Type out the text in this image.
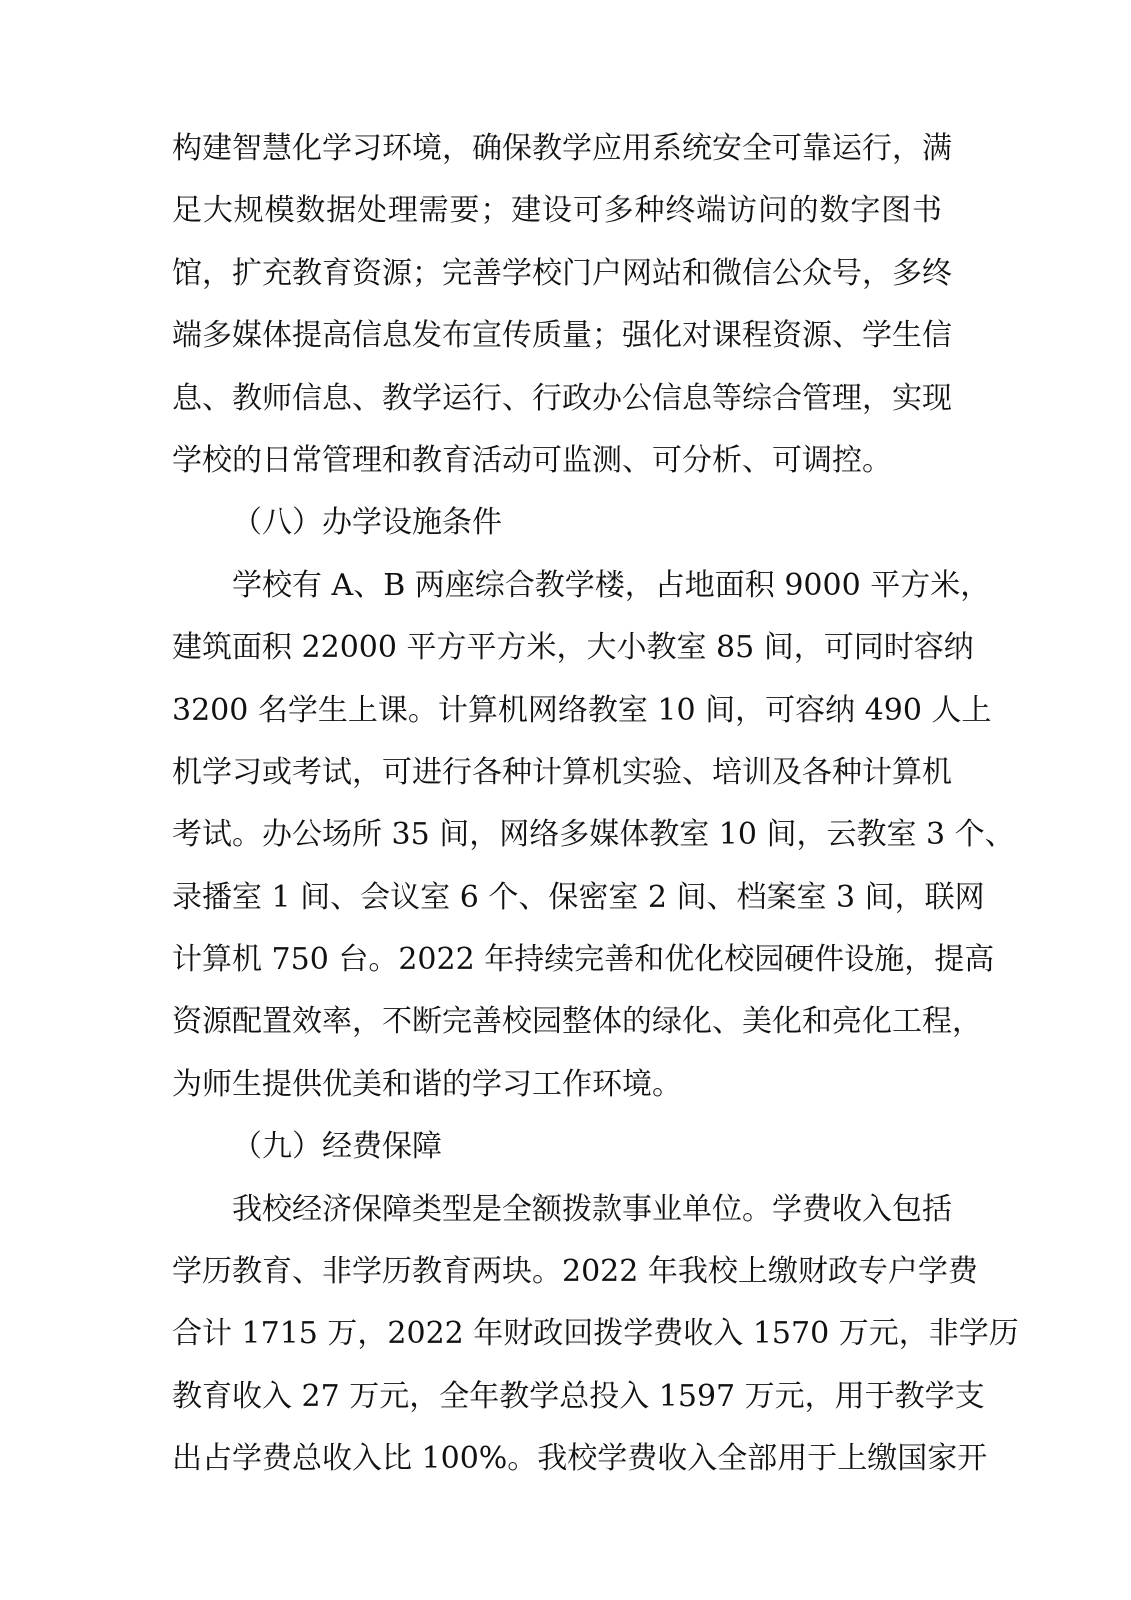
构建智慧化学习环境，确保教学应用系统安全可靠运行，满
足大规模数据处理需要；建设可多种终端访问的数字图书
馆，扩充教育资源；完善学校门户网站和微信公众号，多终
端多媒体提高信息发布宣传质量；强化对课程资源、学生信
息、教师信息、教学运行、行政办公信息等综合管理，实现
学校的日常管理和教育活动可监测、可分析、可调控。
（八）办学设施条件
学校有 A、B 两座综合教学楼，占地面积 9000 平方米，
建筑面积 22000 平方平方米，大小教室 85 间，可同时容纳
3200 名学生上课。计算机网络教室 10 间，可容纳 490 人上
机学习或考试，可进行各种计算机实验、培训及各种计算机
考试。办公场所 35 间，网络多媒体教室 10 间，云教室 3 个、
录播室 1 间、会议室 6 个、保密室 2 间、档案室 3 间，联网
计算机 750 台。2022 年持续完善和优化校园硬件设施，提高
资源配置效率，不断完善校园整体的绿化、美化和亮化工程，
为师生提供优美和谐的学习工作环境。
（九）经费保障
我校经济保障类型是全额拨款事业单位。学费收入包括
学历教育、非学历教育两块。2022 年我校上缴财政专户学费
合计 1715 万，2022 年财政回拨学费收入 1570 万元，非学历
教育收入 27 万元，全年教学总投入 1597 万元，用于教学支
出占学费总收入比 100%。我校学费收入全部用于上缴国家开
